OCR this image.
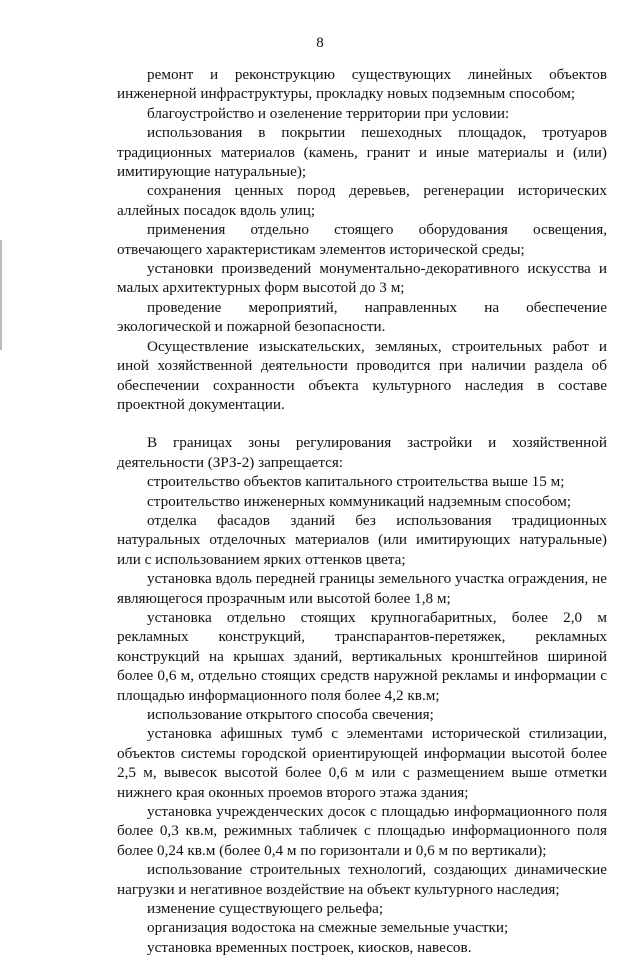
8

ремонт и реконструкцию существующих линейных объектов инженерной инфраструктуры, прокладку новых подземным способом;

благоустройство и озеленение территории при условии:

использования в покрытии пешеходных площадок, тротуаров традиционных материалов (камень, гранит и иные материалы и (или) имитирующие натуральные);

сохранения ценных пород деревьев, регенерации исторических аллейных посадок вдоль улиц;

применения отдельно стоящего оборудования освещения, отвечающего характеристикам элементов исторической среды;

установки произведений монументально-декоративного искусства и малых архитектурных форм высотой до 3 м;

проведение мероприятий, направленных на обеспечение экологической и пожарной безопасности.

Осуществление изыскательских, земляных, строительных работ и иной хозяйственной деятельности проводится при наличии раздела об обеспечении сохранности объекта культурного наследия в составе проектной документации.

В границах зоны регулирования застройки и хозяйственной деятельности (ЗРЗ-2) запрещается:

строительство объектов капитального строительства выше 15 м;

строительство инженерных коммуникаций надземным способом;

отделка фасадов зданий без использования традиционных натуральных отделочных материалов (или имитирующих натуральные) или с использованием ярких оттенков цвета;

установка вдоль передней границы земельного участка ограждения, не являющегося прозрачным или высотой более 1,8 м;

установка отдельно стоящих крупногабаритных, более 2,0 м рекламных конструкций, транспарантов-перетяжек, рекламных конструкций на крышах зданий, вертикальных кронштейнов шириной более 0,6 м, отдельно стоящих средств наружной рекламы и информации с площадью информационного поля более 4,2 кв.м;

использование открытого способа свечения;

установка афишных тумб с элементами исторической стилизации, объектов системы городской ориентирующей информации высотой более 2,5 м, вывесок высотой более 0,6 м или с размещением выше отметки нижнего края оконных проемов второго этажа здания;

установка учрежденческих досок с площадью информационного поля более 0,3 кв.м, режимных табличек с площадью информационного поля более 0,24 кв.м (более 0,4 м по горизонтали и 0,6 м по вертикали);

использование строительных технологий, создающих динамические нагрузки и негативное воздействие на объект культурного наследия;

изменение существующего рельефа;

организация водостока на смежные земельные участки;

установка временных построек, киосков, навесов.
